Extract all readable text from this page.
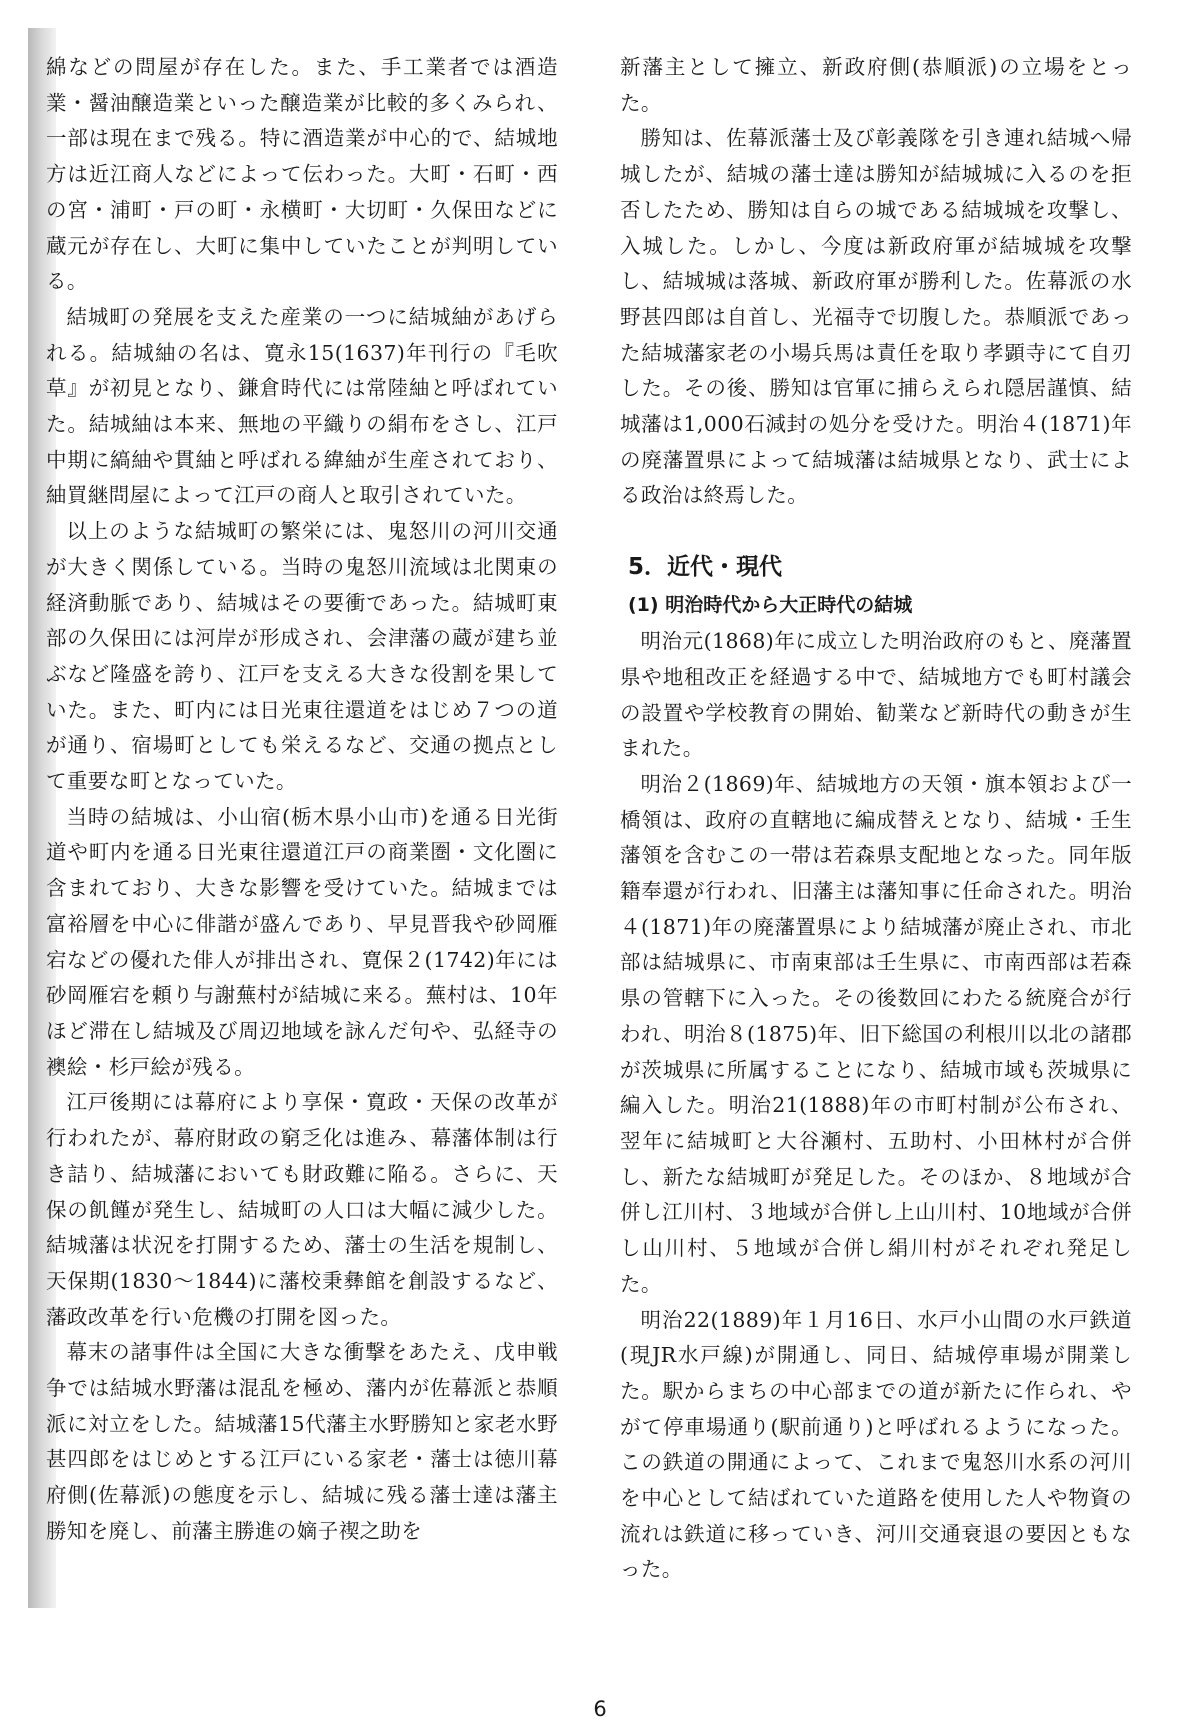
綿などの問屋が存在した。また、手工業者では酒造業・醤油醸造業といった醸造業が比較的多くみられ、一部は現在まで残る。特に酒造業が中心的で、結城地方は近江商人などによって伝わった。大町・石町・西の宮・浦町・戸の町・永横町・大切町・久保田などに蔵元が存在し、大町に集中していたことが判明している。

結城町の発展を支えた産業の一つに結城紬があげられる。結城紬の名は、寛永15(1637)年刊行の『毛吹草』が初見となり、鎌倉時代には常陸紬と呼ばれていた。結城紬は本来、無地の平織りの絹布をさし、江戸中期に縞紬や貫紬と呼ばれる緯紬が生産されており、紬買継問屋によって江戸の商人と取引されていた。

以上のような結城町の繁栄には、鬼怒川の河川交通が大きく関係している。当時の鬼怒川流域は北関東の経済動脈であり、結城はその要衝であった。結城町東部の久保田には河岸が形成され、会津藩の蔵が建ち並ぶなど隆盛を誇り、江戸を支える大きな役割を果していた。また、町内には日光東往還道をはじめ７つの道が通り、宿場町としても栄えるなど、交通の拠点として重要な町となっていた。

当時の結城は、小山宿(栃木県小山市)を通る日光街道や町内を通る日光東往還道江戸の商業圏・文化圏に含まれており、大きな影響を受けていた。結城までは富裕層を中心に俳諧が盛んであり、早見晋我や砂岡雁宕などの優れた俳人が排出され、寛保２(1742)年には砂岡雁宕を頼り与謝蕪村が結城に来る。蕪村は、10年ほど滞在し結城及び周辺地域を詠んだ句や、弘経寺の襖絵・杉戸絵が残る。

江戸後期には幕府により享保・寛政・天保の改革が行われたが、幕府財政の窮乏化は進み、幕藩体制は行き詰り、結城藩においても財政難に陥る。さらに、天保の飢饉が発生し、結城町の人口は大幅に減少した。結城藩は状況を打開するため、藩士の生活を規制し、天保期(1830～1844)に藩校秉彝館を創設するなど、藩政改革を行い危機の打開を図った。

幕末の諸事件は全国に大きな衝撃をあたえ、戊申戦争では結城水野藩は混乱を極め、藩内が佐幕派と恭順派に対立をした。結城藩15代藩主水野勝知と家老水野甚四郎をはじめとする江戸にいる家老・藩士は徳川幕府側(佐幕派)の態度を示し、結城に残る藩士達は藩主勝知を廃し、前藩主勝進の嫡子禊之助を

新藩主として擁立、新政府側(恭順派)の立場をとった。

勝知は、佐幕派藩士及び彰義隊を引き連れ結城へ帰城したが、結城の藩士達は勝知が結城城に入るのを拒否したため、勝知は自らの城である結城城を攻撃し、入城した。しかし、今度は新政府軍が結城城を攻撃し、結城城は落城、新政府軍が勝利した。佐幕派の水野甚四郎は自首し、光福寺で切腹した。恭順派であった結城藩家老の小場兵馬は責任を取り孝顕寺にて自刃した。その後、勝知は官軍に捕らえられ隠居謹慎、結城藩は1,000石減封の処分を受けた。明治４(1871)年の廃藩置県によって結城藩は結城県となり、武士による政治は終焉した。

5．近代・現代
(1) 明治時代から大正時代の結城

明治元(1868)年に成立した明治政府のもと、廃藩置県や地租改正を経過する中で、結城地方でも町村議会の設置や学校教育の開始、勧業など新時代の動きが生まれた。

明治２(1869)年、結城地方の天領・旗本領および一橋領は、政府の直轄地に編成替えとなり、結城・壬生藩領を含むこの一帯は若森県支配地となった。同年版籍奉還が行われ、旧藩主は藩知事に任命された。明治４(1871)年の廃藩置県により結城藩が廃止され、市北部は結城県に、市南東部は壬生県に、市南西部は若森県の管轄下に入った。その後数回にわたる統廃合が行われ、明治８(1875)年、旧下総国の利根川以北の諸郡が茨城県に所属することになり、結城市域も茨城県に編入した。明治21(1888)年の市町村制が公布され、翌年に結城町と大谷瀬村、五助村、小田林村が合併し、新たな結城町が発足した。そのほか、８地域が合併し江川村、３地域が合併し上山川村、10地域が合併し山川村、５地域が合併し絹川村がそれぞれ発足した。

明治22(1889)年１月16日、水戸小山間の水戸鉄道(現JR水戸線)が開通し、同日、結城停車場が開業した。駅からまちの中心部までの道が新たに作られ、やがて停車場通り(駅前通り)と呼ばれるようになった。この鉄道の開通によって、これまで鬼怒川水系の河川を中心として結ばれていた道路を使用した人や物資の流れは鉄道に移っていき、河川交通衰退の要因ともなった。

6
